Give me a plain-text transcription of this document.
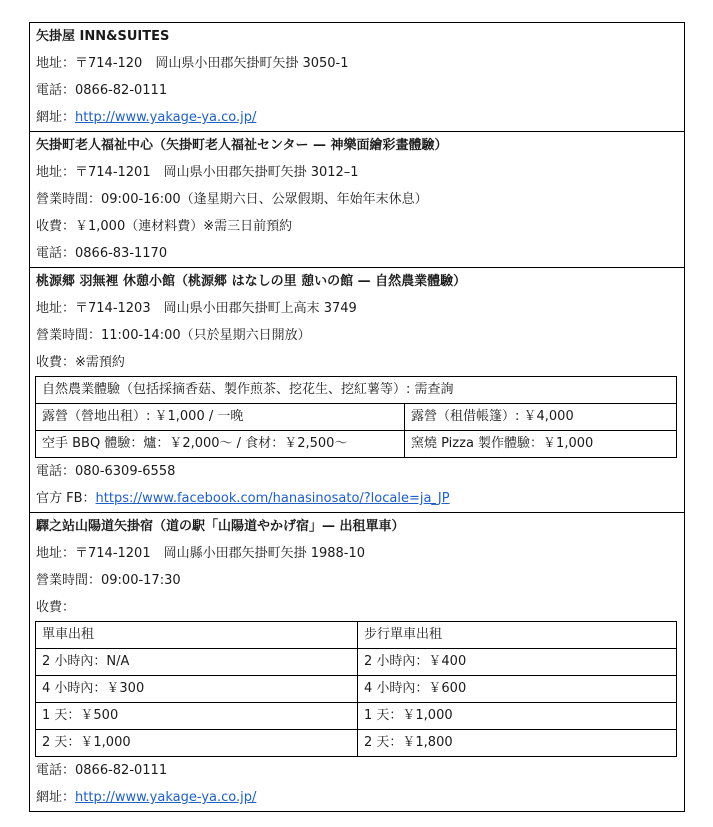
矢掛屋 INN&SUITES
地址：〒714-120　岡山県小田郡矢掛町矢掛 3050-1
電話：0866-82-0111
網址：http://www.yakage-ya.co.jp/
矢掛町老人福祉中心（矢掛町老人福祉センター — 神樂面繪彩畫體驗）
地址：〒714-1201　岡山県小田郡矢掛町矢掛 3012–1
營業時間：09:00-16:00（逢星期六日、公眾假期、年始年末休息）
收費：￥1,000（連材料費）※需三日前預約
電話：0866-83-1170
桃源郷 羽無裡 休憩小館（桃源郷 はなしの里 憩いの館 — 自然農業體驗）
地址：〒714-1203　岡山県小田郡矢掛町上高末 3749
營業時間：11:00-14:00（只於星期六日開放）
收費：※需預約
自然農業體驗（包括採摘香菇、製作煎茶、挖花生、挖紅薯等）: 需查詢	
露營（營地出租）: ￥1,000 / 一晚	露營（租借帳篷）: ￥4,000
空手 BBQ 體驗：爐：￥2,000～ / 食材：￥2,500～	窯燒 Pizza 製作體驗：￥1,000
電話：080-6309-6558
官方 FB：https://www.facebook.com/hanasinosato/?locale=ja_JP
驛之站山陽道矢掛宿（道の駅「山陽道やかげ宿」— 出租單車）
地址：〒714-1201　岡山縣小田郡矢掛町矢掛 1988-10
營業時間：09:00-17:30
收費：
單車出租	步行單車出租
2 小時內：N/A	2 小時內：￥400
4 小時內：￥300	4 小時內：￥600
1 天：￥500	1 天：￥1,000
2 天：￥1,000	2 天：￥1,800
電話：0866-82-0111
網址：http://www.yakage-ya.co.jp/
